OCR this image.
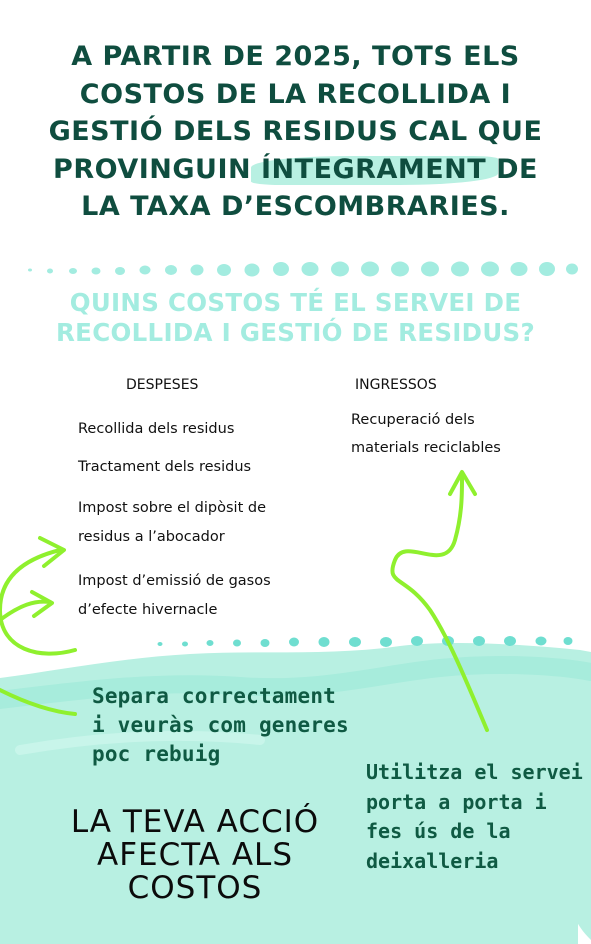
A PARTIR DE 2025, TOTS ELS
COSTOS DE LA RECOLLIDA I
GESTIÓ DELS RESIDUS CAL QUE
PROVINGUIN ÍNTEGRAMENT DE
LA TAXA D’ESCOMBRARIES.
QUINS COSTOS TÉ EL SERVEI DE
RECOLLIDA I GESTIÓ DE RESIDUS?
DESPESES
Recollida dels residus
Tractament dels residus
Impost sobre el dipòsit de
residus a l’abocador
Impost d’emissió de gasos
d’efecte hivernacle
INGRESSOS
Recuperació dels
materials reciclables
Separa correctament
i veuràs com generes
poc rebuig
Utilitza el servei
porta a porta i
fes ús de la
deixalleria
LA TEVA ACCIÓ
AFECTA ALS
COSTOS
